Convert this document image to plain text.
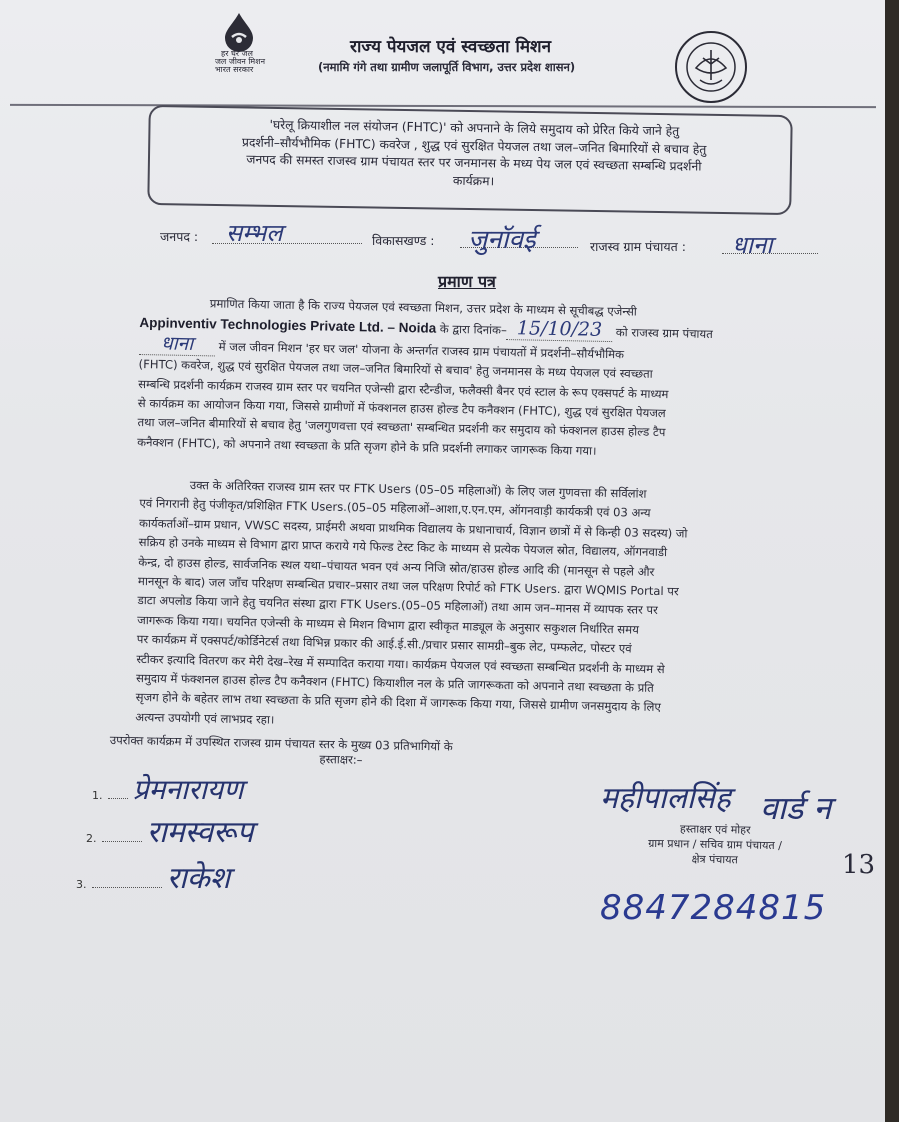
हर घर जल जल जीवन मिशन भारत सरकार
राज्य पेयजल एवं स्वच्छता मिशन
(नमामि गंगे तथा ग्रामीण जलापूर्ति विभाग, उत्तर प्रदेश शासन)
'घरेलू क्रियाशील नल संयोजन (FHTC)' को अपनाने के लिये समुदाय को प्रेरित किये जाने हेतु
प्रदर्शनी–सौर्यभौमिक (FHTC) कवरेज , शुद्ध एवं सुरक्षित पेयजल तथा जल–जनित बिमारियों से बचाव हेतु
जनपद की समस्त राजस्व ग्राम पंचायत स्तर पर जनमानस के मध्य पेय जल एवं स्वच्छता सम्बन्धि प्रदर्शनी
कार्यक्रम।
जनपद : सम्भल	विकासखण्ड : जुनॉवई	राजस्व ग्राम पंचायत : धाना
प्रमाण पत्र
प्रमाणित किया जाता है कि राज्य पेयजल एवं स्वच्छता मिशन, उत्तर प्रदेश के माध्यम से सूचीबद्ध एजेन्सी
Appinventiv Technologies Private Ltd. – Noida के द्वारा दिनांक– 15/10/23 को राजस्व ग्राम पंचायत
धाना में जल जीवन मिशन 'हर घर जल' योजना के अन्तर्गत राजस्व ग्राम पंचायतों में प्रदर्शनी–सौर्यभौमिक
(FHTC) कवरेज, शुद्ध एवं सुरक्षित पेयजल तथा जल–जनित बिमारियों से बचाव' हेतु जनमानस के मध्य पेयजल एवं स्वच्छता
सम्बन्धि प्रदर्शनी कार्यक्रम राजस्व ग्राम स्तर पर चयनित एजेन्सी द्वारा स्टैन्डीज, फलैक्सी बैनर एवं स्टाल के रूप एक्सपर्ट के माध्यम
से कार्यक्रम का आयोजन किया गया, जिससे ग्रामीणों में फंक्शनल हाउस होल्ड टैप कनैक्शन (FHTC), शुद्ध एवं सुरक्षित पेयजल
तथा जल–जनित बीमारियों से बचाव हेतु 'जलगुणवत्ता एवं स्वच्छता' सम्बन्धित प्रदर्शनी कर समुदाय को फंक्शनल हाउस होल्ड टैप
कनैक्शन (FHTC), को अपनाने तथा स्वच्छता के प्रति सृजग होने के प्रति प्रदर्शनी लगाकर जागरूक किया गया।
उक्त के अतिरिक्त राजस्व ग्राम स्तर पर FTK Users (05–05 महिलाओं) के लिए जल गुणवत्ता की सर्विलांश
एवं निगरानी हेतु पंजीकृत/प्रशिक्षित FTK Users.(05–05 महिलाओं–आशा,ए.एन.एम, ऑगनवाड़ी कार्यकत्री एवं 03 अन्य
कार्यकर्ताओं–ग्राम प्रधान, VWSC सदस्य, प्राईमरी अथवा प्राथमिक विद्यालय के प्रधानाचार्य, विज्ञान छात्रों में से किन्ही 03 सदस्य) जो
सक्रिय हो उनके माध्यम से विभाग द्वारा प्राप्त कराये गये फिल्ड टेस्ट किट के माध्यम से प्रत्येक पेयजल स्रोत, विद्यालय, ऑगनवाडी
केन्द्र, दो हाउस होल्ड, सार्वजनिक स्थल यथा–पंचायत भवन एवं अन्य निजि स्रोत/हाउस होल्ड आदि की (मानसून से पहले और
मानसून के बाद) जल जाँच परिक्षण सम्बन्धित प्रचार–प्रसार तथा जल परिक्षण रिपोर्ट को FTK Users. द्वारा WQMIS Portal पर
डाटा अपलोड किया जाने हेतु चयनित संस्था द्वारा FTK Users.(05–05 महिलाओं) तथा आम जन–मानस में व्यापक स्तर पर
जागरूक किया गया। चयनित एजेन्सी के माध्यम से मिशन विभाग द्वारा स्वीकृत माड्यूल के अनुसार सकुशल निर्धारित समय
पर कार्यक्रम में एक्सपर्ट/कोर्डिनेटर्स तथा विभिन्न प्रकार की आई.ई.सी./प्रचार प्रसार सामग्री–बुक लेट, पम्फलेट, पोस्टर एवं
स्टीकर इत्यादि वितरण कर मेरी देख–रेख में सम्पादित कराया गया। कार्यक्रम पेयजल एवं स्वच्छता सम्बन्धित प्रदर्शनी के माध्यम से
समुदाय में फंक्शनल हाउस होल्ड टैप कनैक्शन (FHTC) कियाशील नल के प्रति जागरूकता को अपनाने तथा स्वच्छता के प्रति
सृजग होने के बहेतर लाभ तथा स्वच्छता के प्रति सृजग होने की दिशा में जागरूक किया गया, जिससे ग्रामीण जनसमुदाय के लिए
अत्यन्त उपयोगी एवं लाभप्रद रहा।
उपरोक्त कार्यक्रम में उपस्थित राजस्व ग्राम पंचायत स्तर के मुख्य 03 प्रतिभागियों के
हस्ताक्षर:–
1. प्रेमनारायण
2. रामस्वरूप
3.	राकेश
महीपालसिंह वार्ड न
हस्ताक्षर एवं मोहर
ग्राम प्रधान / सचिव ग्राम पंचायत /
क्षेत्र पंचायत	13
8847284815
